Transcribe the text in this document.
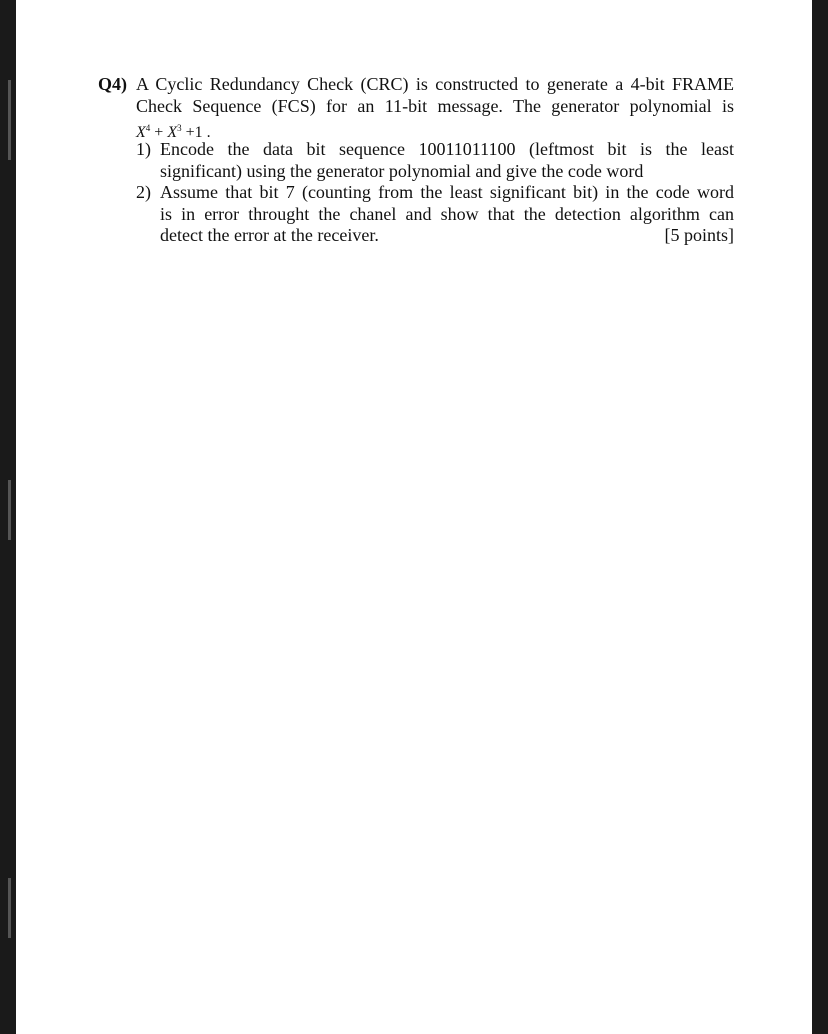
Q4) A Cyclic Redundancy Check (CRC) is constructed to generate a 4-bit FRAME
Check Sequence (FCS) for an 11-bit message. The generator polynomial is
$X^4 + X^3 +1$ .
1) Encode the data bit sequence 10011011100 (leftmost bit is the least
significant) using the generator polynomial and give the code word
2) Assume that bit 7 (counting from the least significant bit) in the code word
is in error throught the chanel and show that the detection algorithm can
detect the error at the receiver.	[5 points]
